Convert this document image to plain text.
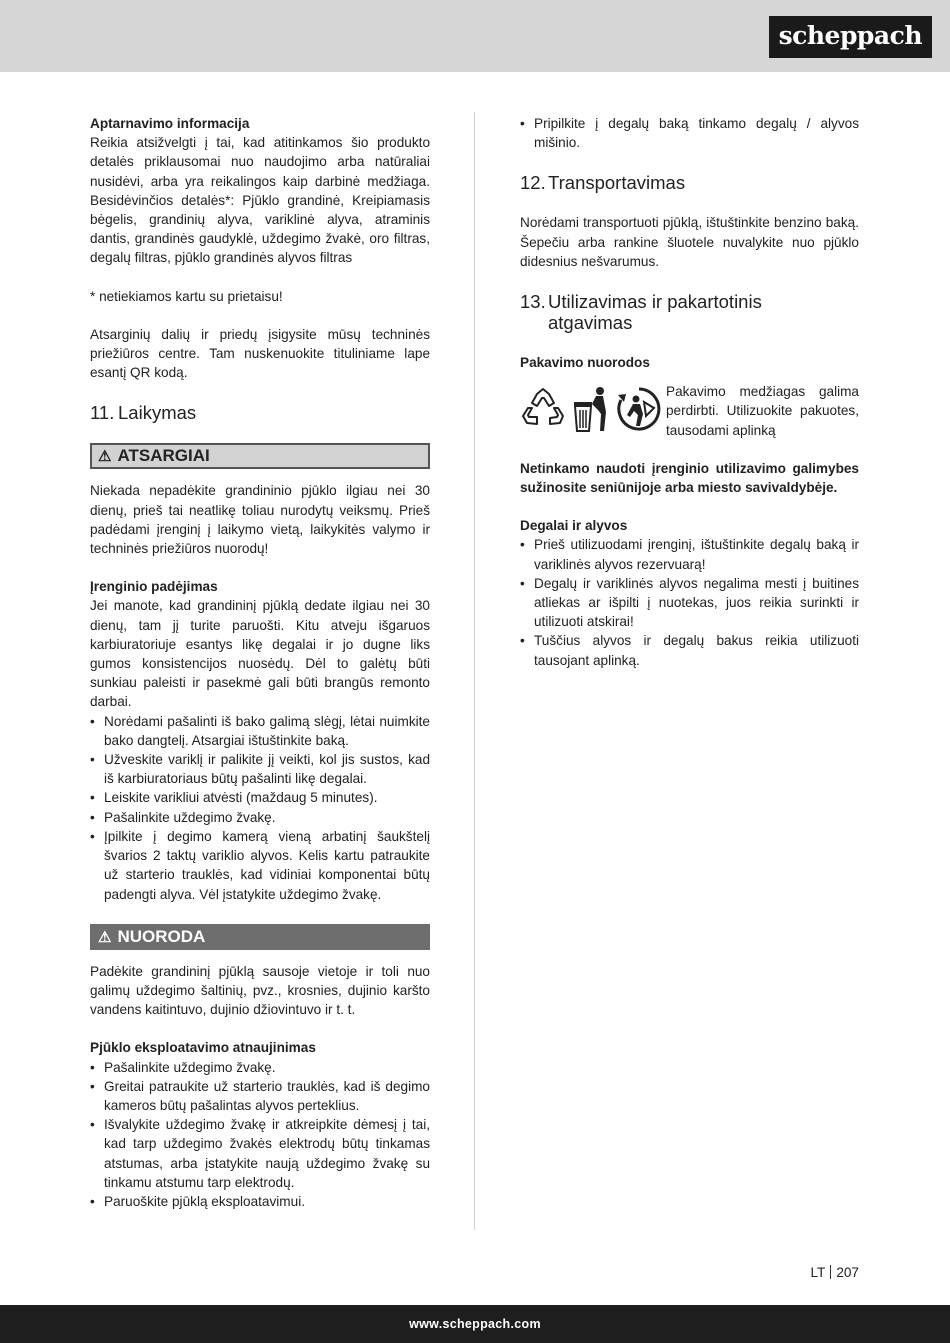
scheppach
Aptarnavimo informacija

Reikia atsižvelgti į tai, kad atitinkamos šio produkto detalės priklausomai nuo naudojimo arba natūraliai nusidėvi, arba yra reikalingos kaip darbinė medžiaga. Besidėvinčios detalės*: Pjūklo grandinė, Kreipiamasis bėgelis, grandinių alyva, variklinė alyva, atraminis dantis, grandinės gaudyklė, uždegimo žvakė, oro filtras, degalų filtras, pjūklo grandinės alyvos filtras

* netiekiamos kartu su prietaisu!

Atsarginių dalių ir priedų įsigysite mūsų techninės priežiūros centre. Tam nuskenuokite tituliniame lape esantį QR kodą.

11. Laikymas
⚠ ATSARGIAI

Niekada nepadėkite grandininio pjūklo ilgiau nei 30 dienų, prieš tai neatlikę toliau nurodytų veiksmų. Prieš padėdami įrenginį į laikymo vietą, laikykitės valymo ir techninės priežiūros nuorodų!

Įrenginio padėjimas

Jei manote, kad grandininį pjūklą dedate ilgiau nei 30 dienų, tam jį turite paruošti. Kitu atveju išgaruos karbiuratoriuje esantys likę degalai ir jo dugne liks gumos konsistencijos nuosėdų. Dėl to galėtų būti sunkiau paleisti ir pasekmė gali būti brangūs remonto darbai.

• Norėdami pašalinti iš bako galimą slėgį, lėtai nuimkite bako dangtelį. Atsargiai ištuštinkite baką.
• Užveskite variklį ir palikite jį veikti, kol jis sustos, kad iš karbiuratoriaus būtų pašalinti likę degalai.
• Leiskite varikliui atvėsti (maždaug 5 minutes).
• Pašalinkite uždegimo žvakę.
• Įpilkite į degimo kamerą vieną arbatinį šaukštelį švarios 2 taktų variklio alyvos. Kelis kartu patraukite už starterio trauklės, kad vidiniai komponentai būtų padengti alyva. Vėl įstatykite uždegimo žvakę.
⚠ NUORODA

Padėkite grandininį pjūklą sausoje vietoje ir toli nuo galimų uždegimo šaltinių, pvz., krosnies, dujinio karšto vandens kaitintuvo, dujinio džiovintuvo ir t. t.

Pjūklo eksploatavimo atnaujinimas
• Pašalinkite uždegimo žvakę.
• Greitai patraukite už starterio trauklės, kad iš degimo kameros būtų pašalintas alyvos perteklius.
• Išvalykite uždegimo žvakę ir atkreipkite dėmesį į tai, kad tarp uždegimo žvakės elektrodų būtų tinkamas atstumas, arba įstatykite naują uždegimo žvakę su tinkamu atstumu tarp elektrodų.
• Paruoškite pjūklą eksploatavimui.
• Pripilkite į degalų baką tinkamo degalų / alyvos mišinio.
12. Transportavimas

Norėdami transportuoti pjūklą, ištuštinkite benzino baką. Šepečiu arba rankine šluotele nuvalykite nuo pjūklo didesnius nešvarumus.

13. Utilizavimas ir pakartotinis
atgavimas
Pakavimo nuorodos

Pakavimo medžiagas galima perdirbti. Utilizuokite pakuotes, tausodami aplinką

Netinkamo naudoti įrenginio utilizavimo galimybes sužinosite seniūnijoje arba miesto savivaldybėje.

Degalai ir alyvos
• Prieš utilizuodami įrenginį, ištuštinkite degalų baką ir variklinės alyvos rezervuarą!
• Degalų ir variklinės alyvos negalima mesti į buitines atliekas ar išpilti į nuotekas, juos reikia surinkti ir utilizuoti atskirai!
• Tuščius alyvos ir degalų bakus reikia utilizuoti tausojant aplinką.
LT 207
www.scheppach.com
